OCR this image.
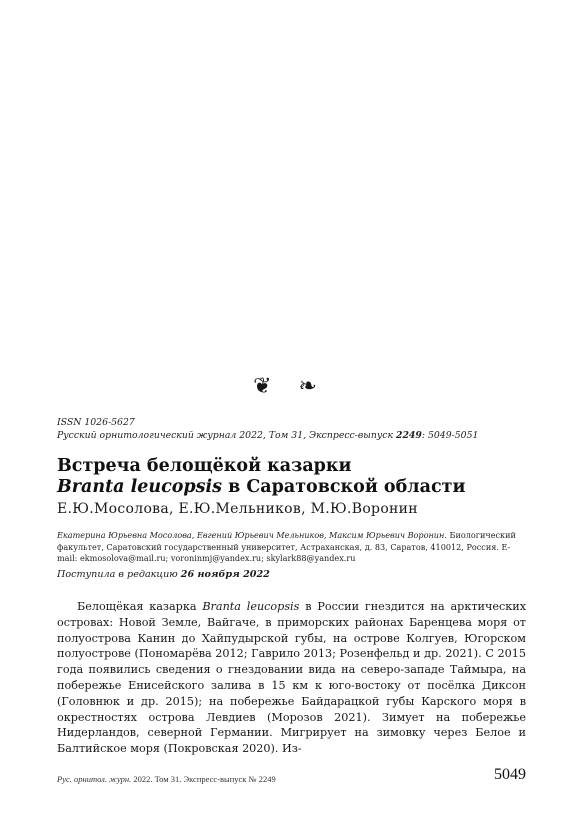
❦ ❧
ISSN 1026-5627
Русский орнитологический журнал 2022, Том 31, Экспресс-выпуск 2249: 5049-5051
Встреча белощёкой казарки
Branta leucopsis в Саратовской области
Е.Ю.Мосолова, Е.Ю.Мельников, М.Ю.Воронин
Екатерина Юрьевна Мосолова, Евгений Юрьевич Мельников, Максим Юрьевич Воронин. Биологический факультет, Саратовский государственный университет, Астраханская, д. 83, Саратов, 410012, Россия. E-mail: ekmosolova@mail.ru; voroninmj@yandex.ru; skylark88@yandex.ru
Поступила в редакцию 26 ноября 2022

Белощёкая казарка Branta leucopsis в России гнездится на арктических островах: Новой Земле, Вайгаче, в приморских районах Баренцева моря от полуострова Канин до Хайпудырской губы, на острове Колгуев, Югорском полуострове (Пономарёва 2012; Гаврило 2013; Розенфельд и др. 2021). С 2015 года появились сведения о гнездовании вида на северо-западе Таймыра, на побережье Енисейского залива в 15 км к юго-востоку от посёлка Диксон (Головнюк и др. 2015); на побережье Байдарацкой губы Карского моря в окрестностях острова Левдиев (Морозов 2021). Зимует на побережье Нидерландов, северной Германии. Мигрирует на зимовку через Белое и Балтийское моря (Покровская 2020). Из-

Рус. орнитол. журн. 2022. Том 31. Экспресс-выпуск № 2249	5049
